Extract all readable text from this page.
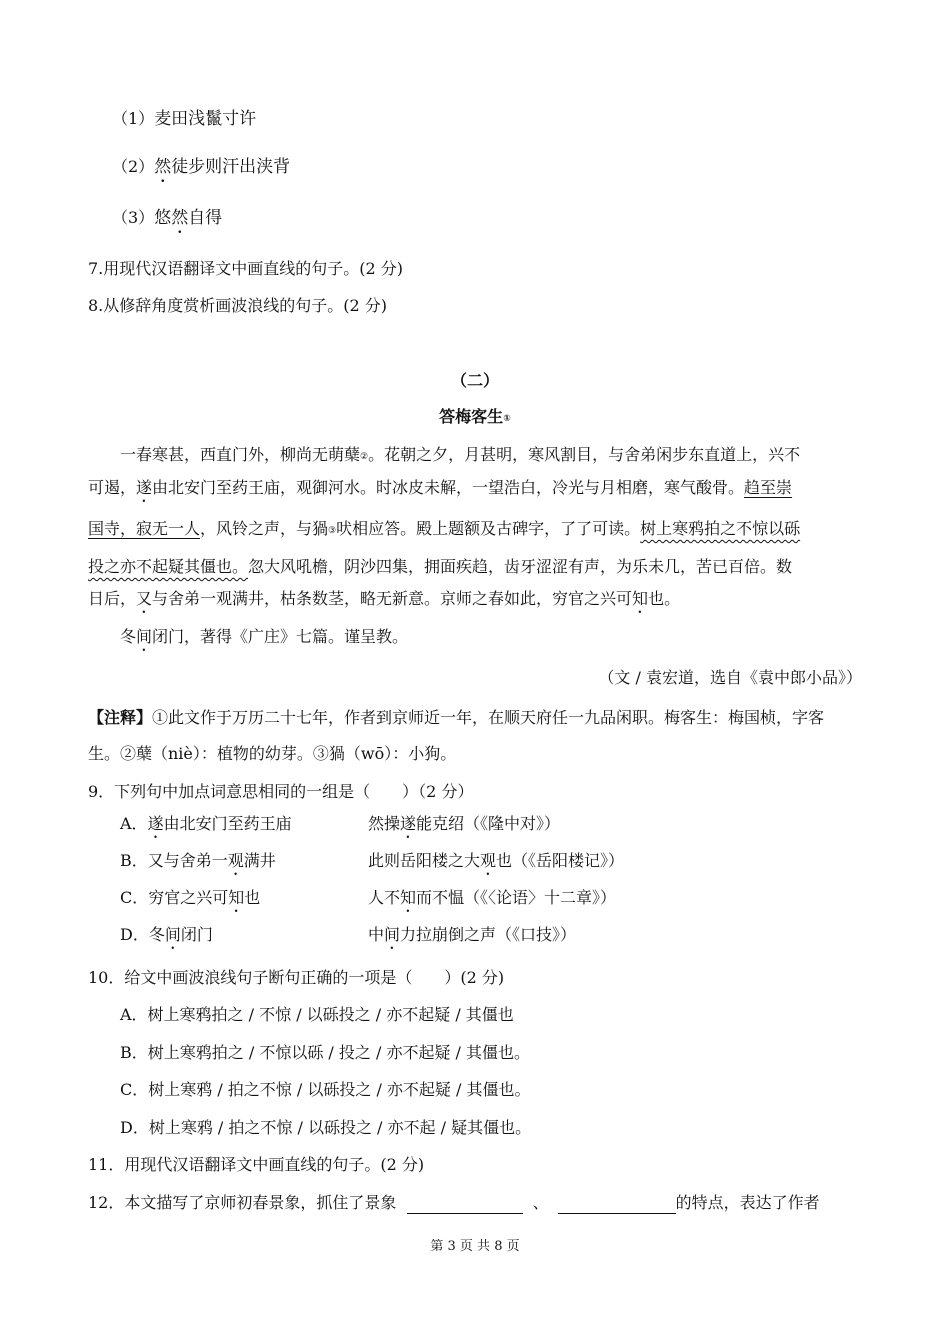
（1）麦田浅鬣寸许
（2）然徒步则汗出浃背
（3）悠然自得
7.用现代汉语翻译文中画直线的句子。(2 分)
8.从修辞角度赏析画波浪线的句子。(2 分)
（二）
答梅客生①
一春寒甚，西直门外，柳尚无萌蘖②。花朝之夕，月甚明，寒风割目，与舍弟闲步东直道上，兴不
可遏，遂由北安门至药王庙，观御河水。时冰皮未解，一望浩白，冷光与月相磨，寒气酸骨。趋至崇
国寺，寂无一人，风铃之声，与猧③吠相应答。殿上题额及古碑字，了了可读。树上寒鸦拍之不惊以砾
投之亦不起疑其僵也。忽大风吼檐，阴沙四集，拥面疾趋，齿牙涩涩有声，为乐未几，苦已百倍。数
日后，又与舍弟一观满井，枯条数茎，略无新意。京师之春如此，穷官之兴可知也。
冬间闭门，著得《广庄》七篇。谨呈教。
（文 / 袁宏道，选自《袁中郎小品》）
【注释】①此文作于万历二十七年，作者到京师近一年，在顺天府任一九品闲职。梅客生：梅国桢，字客
生。②蘖（niè）：植物的幼芽。③猧（wō）：小狗。
9．下列句中加点词意思相同的一组是（　　）（2 分）
A．遂由北安门至药王庙	然操遂能克绍（《隆中对》）
B．又与舍弟一观满井	此则岳阳楼之大观也（《岳阳楼记》）
C．穷官之兴可知也	人不知而不愠（《〈论语〉十二章》）
D．冬间闭门	中间力拉崩倒之声（《口技》）
10．给文中画波浪线句子断句正确的一项是（　　）(2 分)
A．树上寒鸦拍之 / 不惊 / 以砾投之 / 亦不起疑 / 其僵也
B．树上寒鸦拍之 / 不惊以砾 / 投之 / 亦不起疑 / 其僵也。
C．树上寒鸦 / 拍之不惊 / 以砾投之 / 亦不起疑 / 其僵也。
D．树上寒鸦 / 拍之不惊 / 以砾投之 / 亦不起 / 疑其僵也。
11．用现代汉语翻译文中画直线的句子。(2 分)
12．本文描写了京师初春景象，抓住了景象	、	的特点，表达了作者
第 3 页 共 8 页
